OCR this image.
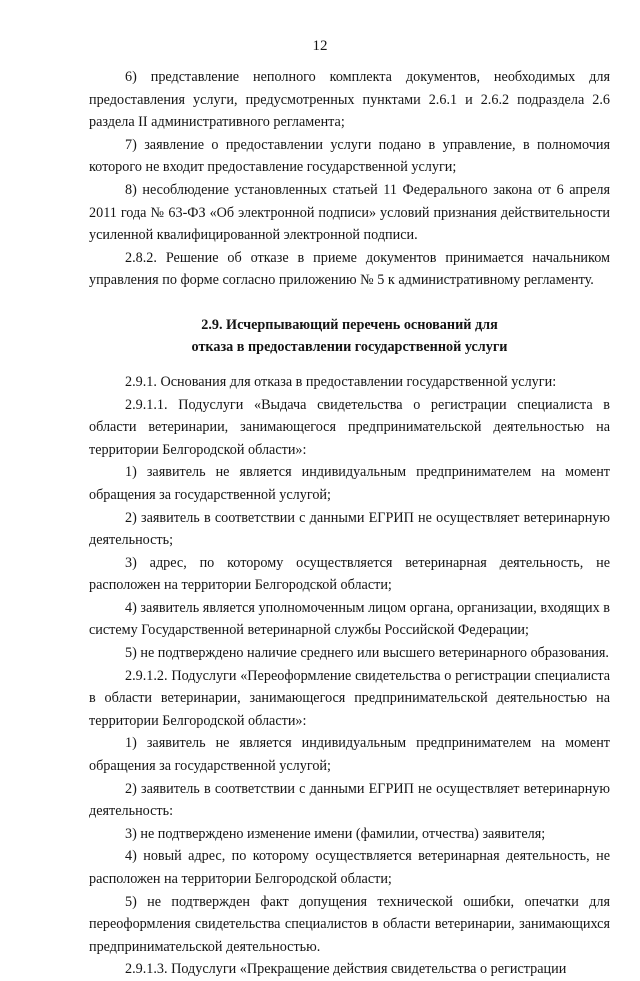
12

6) представление неполного комплекта документов, необходимых для предоставления услуги, предусмотренных пунктами 2.6.1 и 2.6.2 подраздела 2.6 раздела II административного регламента;

7) заявление о предоставлении услуги подано в управление, в полномочия которого не входит предоставление государственной услуги;

8) несоблюдение установленных статьей 11 Федерального закона от 6 апреля 2011 года № 63-ФЗ «Об электронной подписи» условий признания действительности усиленной квалифицированной электронной подписи.

2.8.2. Решение об отказе в приеме документов принимается начальником управления по форме согласно приложению № 5 к административному регламенту.

2.9. Исчерпывающий перечень оснований для
отказа в предоставлении государственной услуги

2.9.1. Основания для отказа в предоставлении государственной услуги:

2.9.1.1. Подуслуги «Выдача свидетельства о регистрации специалиста в области ветеринарии, занимающегося предпринимательской деятельностью на территории Белгородской области»:

1) заявитель не является индивидуальным предпринимателем на момент обращения за государственной услугой;

2) заявитель в соответствии с данными ЕГРИП не осуществляет ветеринарную деятельность;

3) адрес, по которому осуществляется ветеринарная деятельность, не расположен на территории Белгородской области;

4) заявитель является уполномоченным лицом органа, организации, входящих в систему Государственной ветеринарной службы Российской Федерации;

5) не подтверждено наличие среднего или высшего ветеринарного образования.

2.9.1.2. Подуслуги «Переоформление свидетельства о регистрации специалиста в области ветеринарии, занимающегося предпринимательской деятельностью на территории Белгородской области»:

1) заявитель не является индивидуальным предпринимателем на момент обращения за государственной услугой;

2) заявитель в соответствии с данными ЕГРИП не осуществляет ветеринарную деятельность:

3) не подтверждено изменение имени (фамилии, отчества) заявителя;

4) новый адрес, по которому осуществляется ветеринарная деятельность, не расположен на территории Белгородской области;

5) не подтвержден факт допущения технической ошибки, опечатки для переоформления свидетельства специалистов в области ветеринарии, занимающихся предпринимательской деятельностью.

2.9.1.3. Подуслуги «Прекращение действия свидетельства о регистрации
